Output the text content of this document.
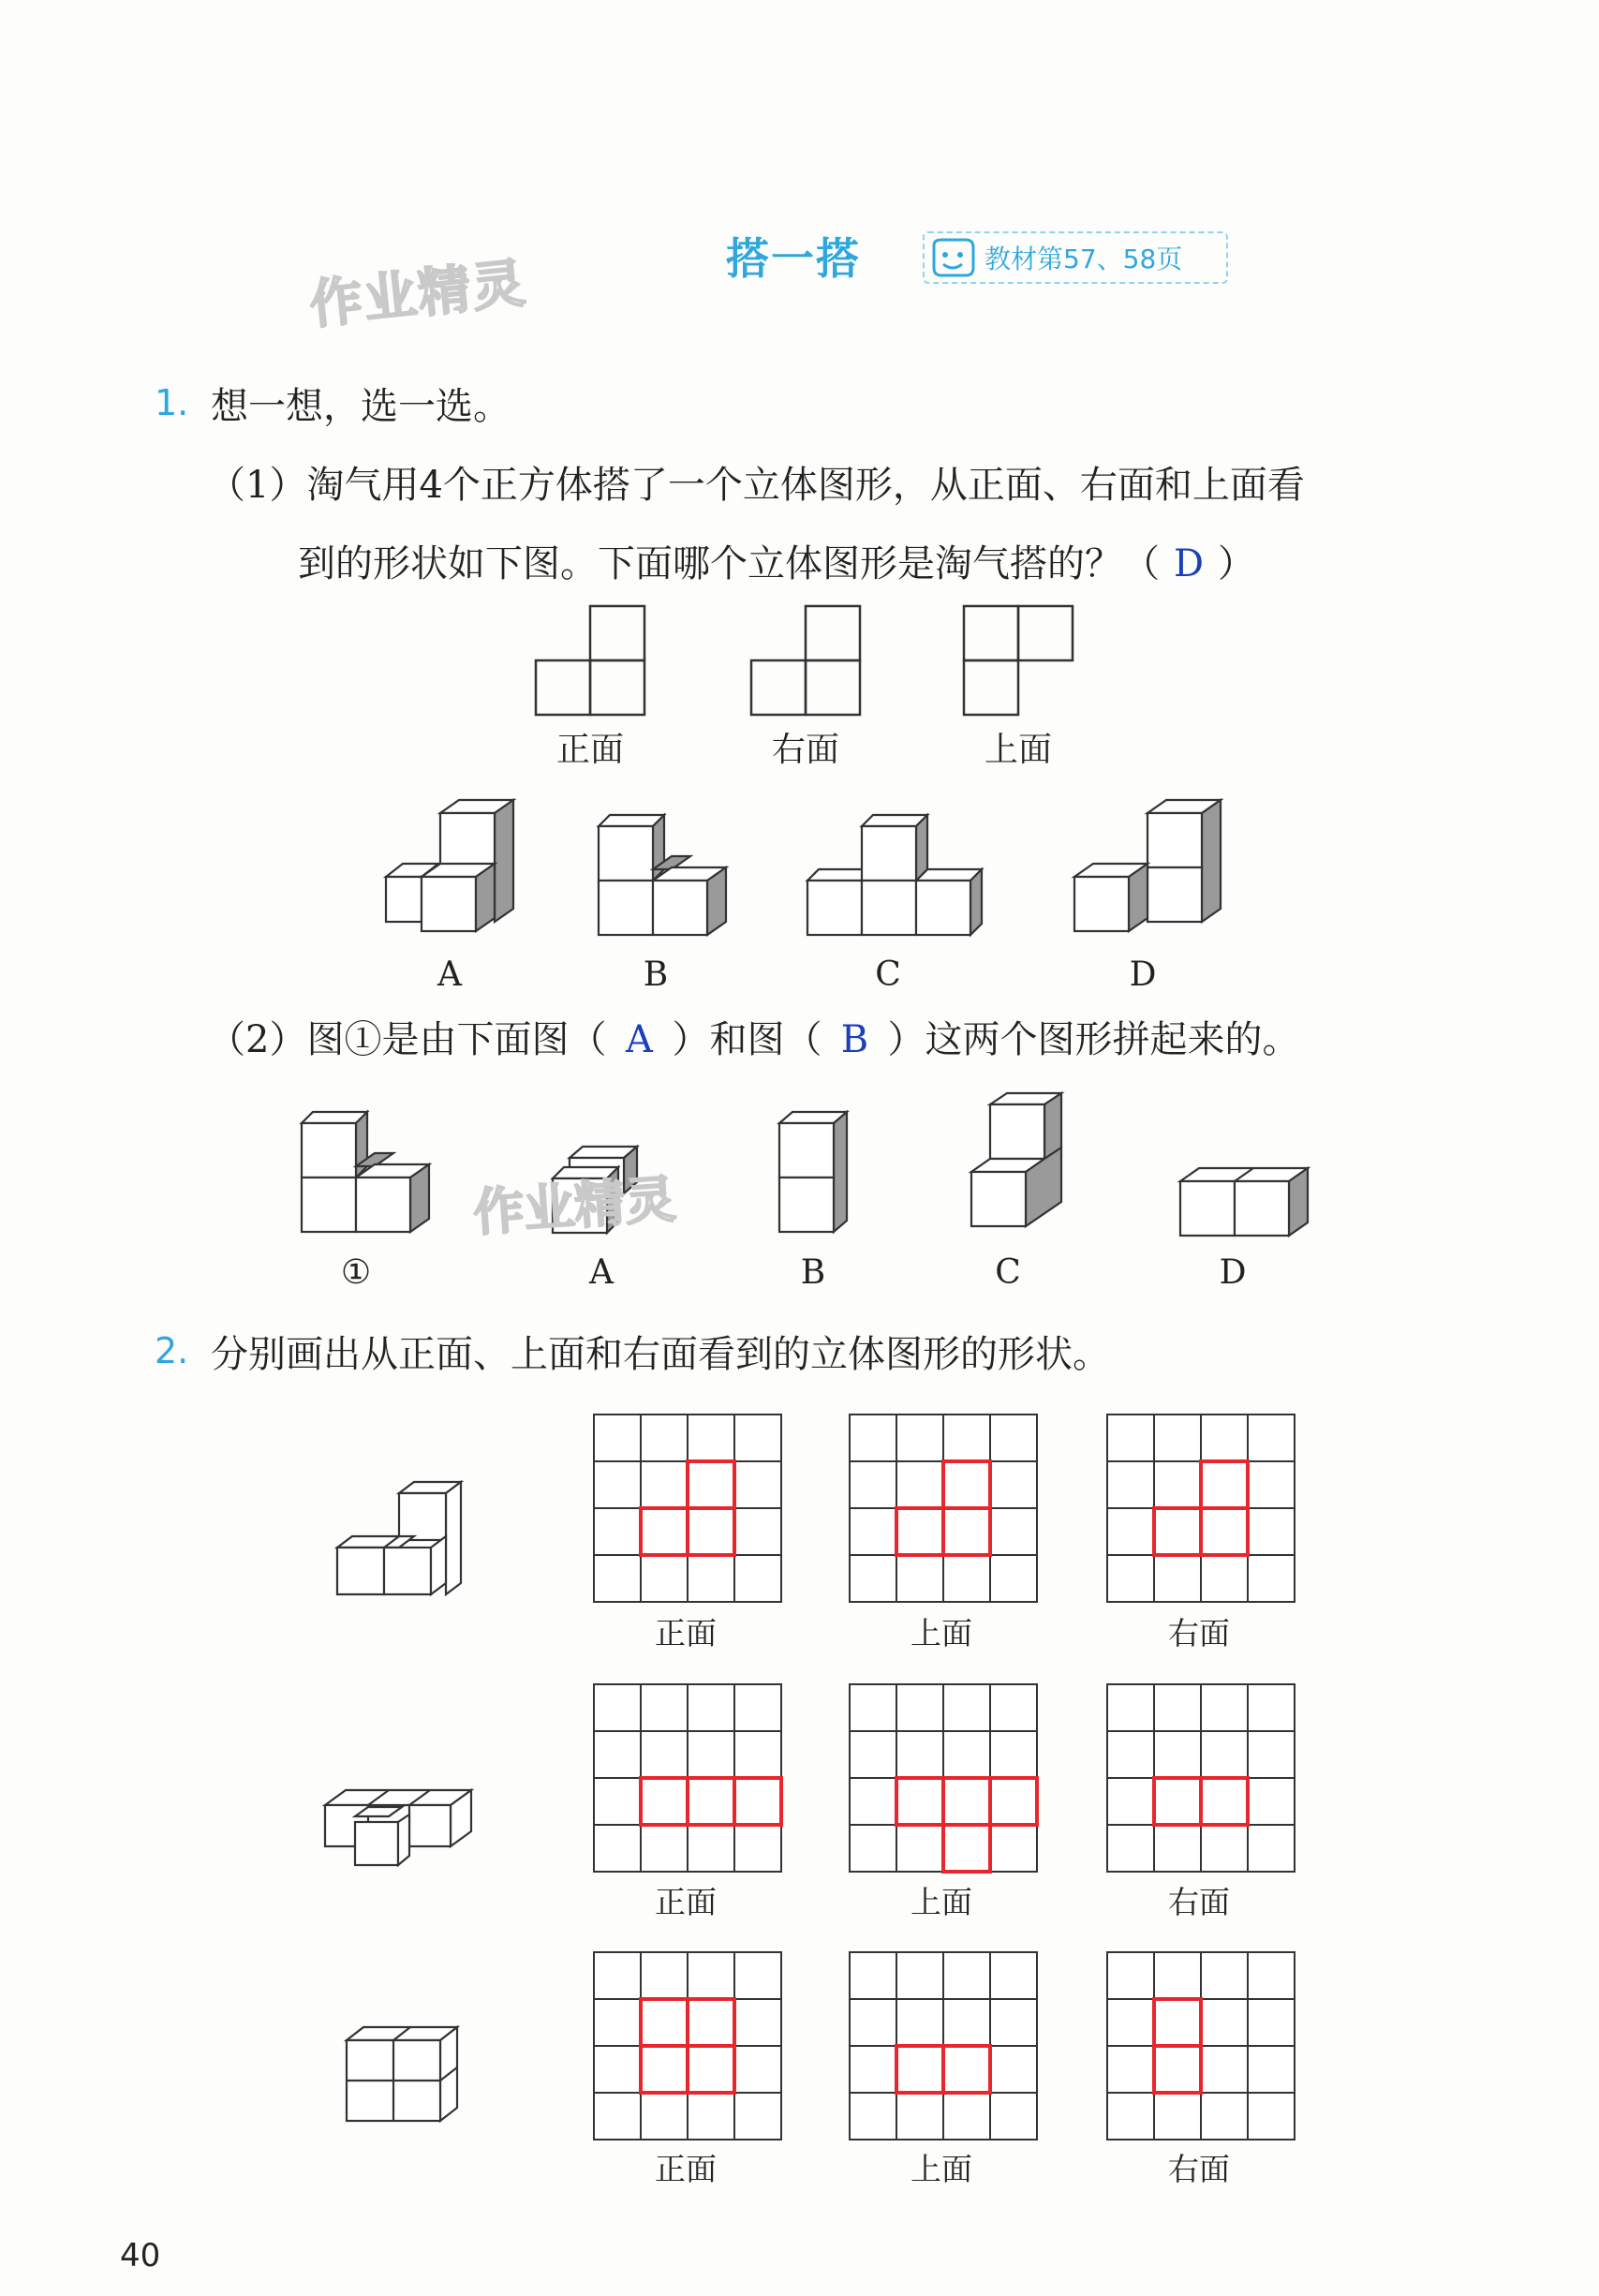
搭一搭	教材第57、58页
作业精灵
1. 想一想，选一选。
（1）淘气用4个正方体搭了一个立体图形，从正面、右面和上面看
到的形状如下图。下面哪个立体图形是淘气搭的？（ D ）
正面	右面	上面
A	B	C	D
（2）图①是由下面图（ A ）和图（ B ）这两个图形拼起来的。
作业精灵
①	A	B	C	D
2. 分别画出从正面、上面和右面看到的立体图形的形状。
正面	上面	右面
正面	上面	右面
正面	上面	右面
40
